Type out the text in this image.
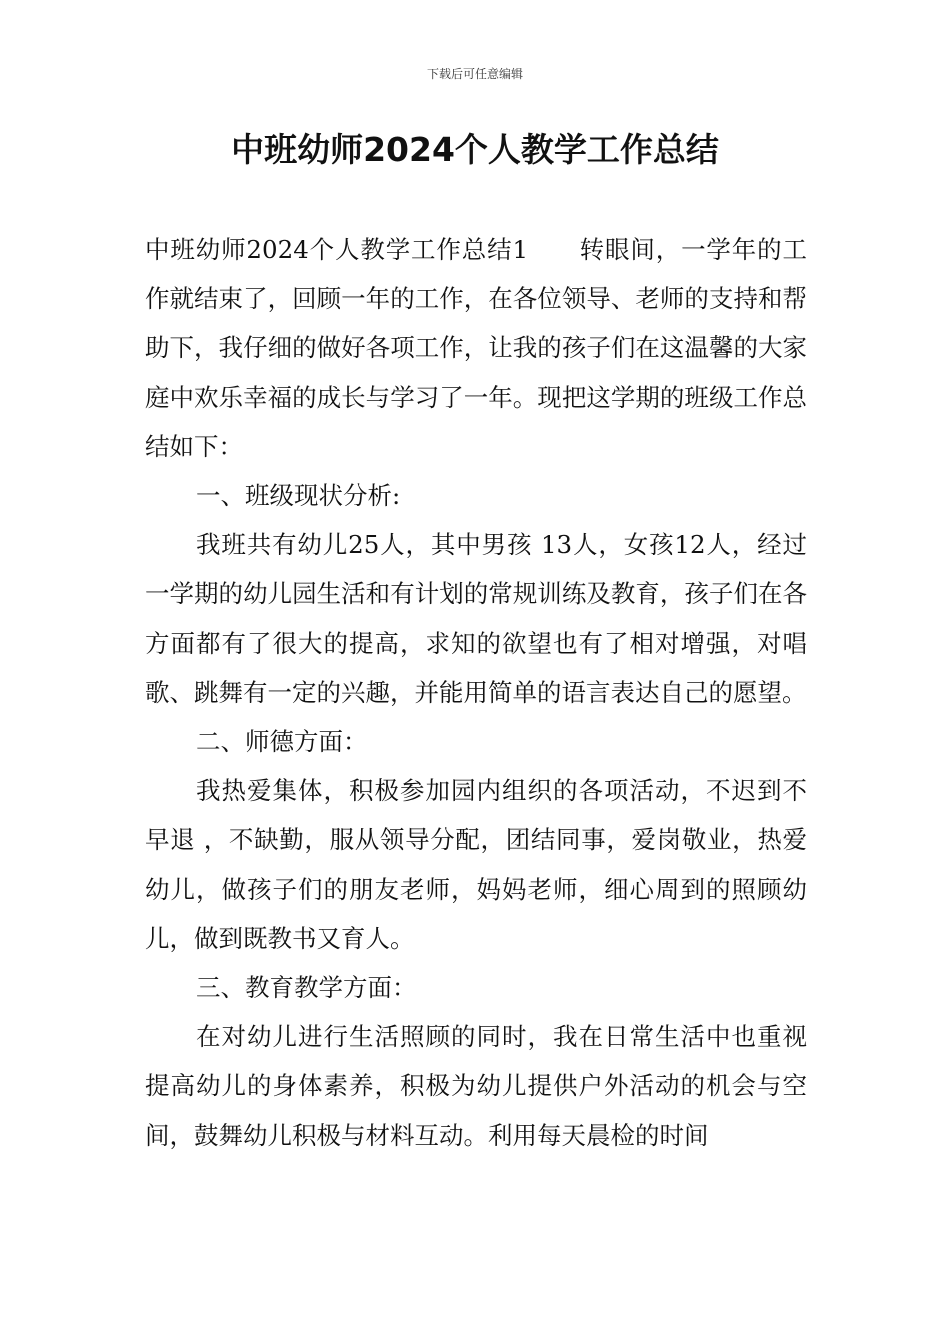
下载后可任意编辑
中班幼师2024个人教学工作总结

中班幼师2024个人教学工作总结1　　转眼间，一学年的工作就结束了，回顾一年的工作，在各位领导、老师的支持和帮助下，我仔细的做好各项工作，让我的孩子们在这温馨的大家庭中欢乐幸福的成长与学习了一年。现把这学期的班级工作总结如下：

一、班级现状分析:

我班共有幼儿25人，其中男孩 13人，女孩12人，经过一学期的幼儿园生活和有计划的常规训练及教育，孩子们在各方面都有了很大的提高，求知的欲望也有了相对增强，对唱歌、跳舞有一定的兴趣，并能用简单的语言表达自己的愿望。

二、师德方面：

我热爱集体，积极参加园内组织的各项活动，不迟到不早退 ，不缺勤，服从领导分配，团结同事，爱岗敬业，热爱幼儿，做孩子们的朋友老师，妈妈老师，细心周到的照顾幼儿，做到既教书又育人。

三、教育教学方面：

在对幼儿进行生活照顾的同时，我在日常生活中也重视提高幼儿的身体素养，积极为幼儿提供户外活动的机会与空间，鼓舞幼儿积极与材料互动。利用每天晨检的时间
